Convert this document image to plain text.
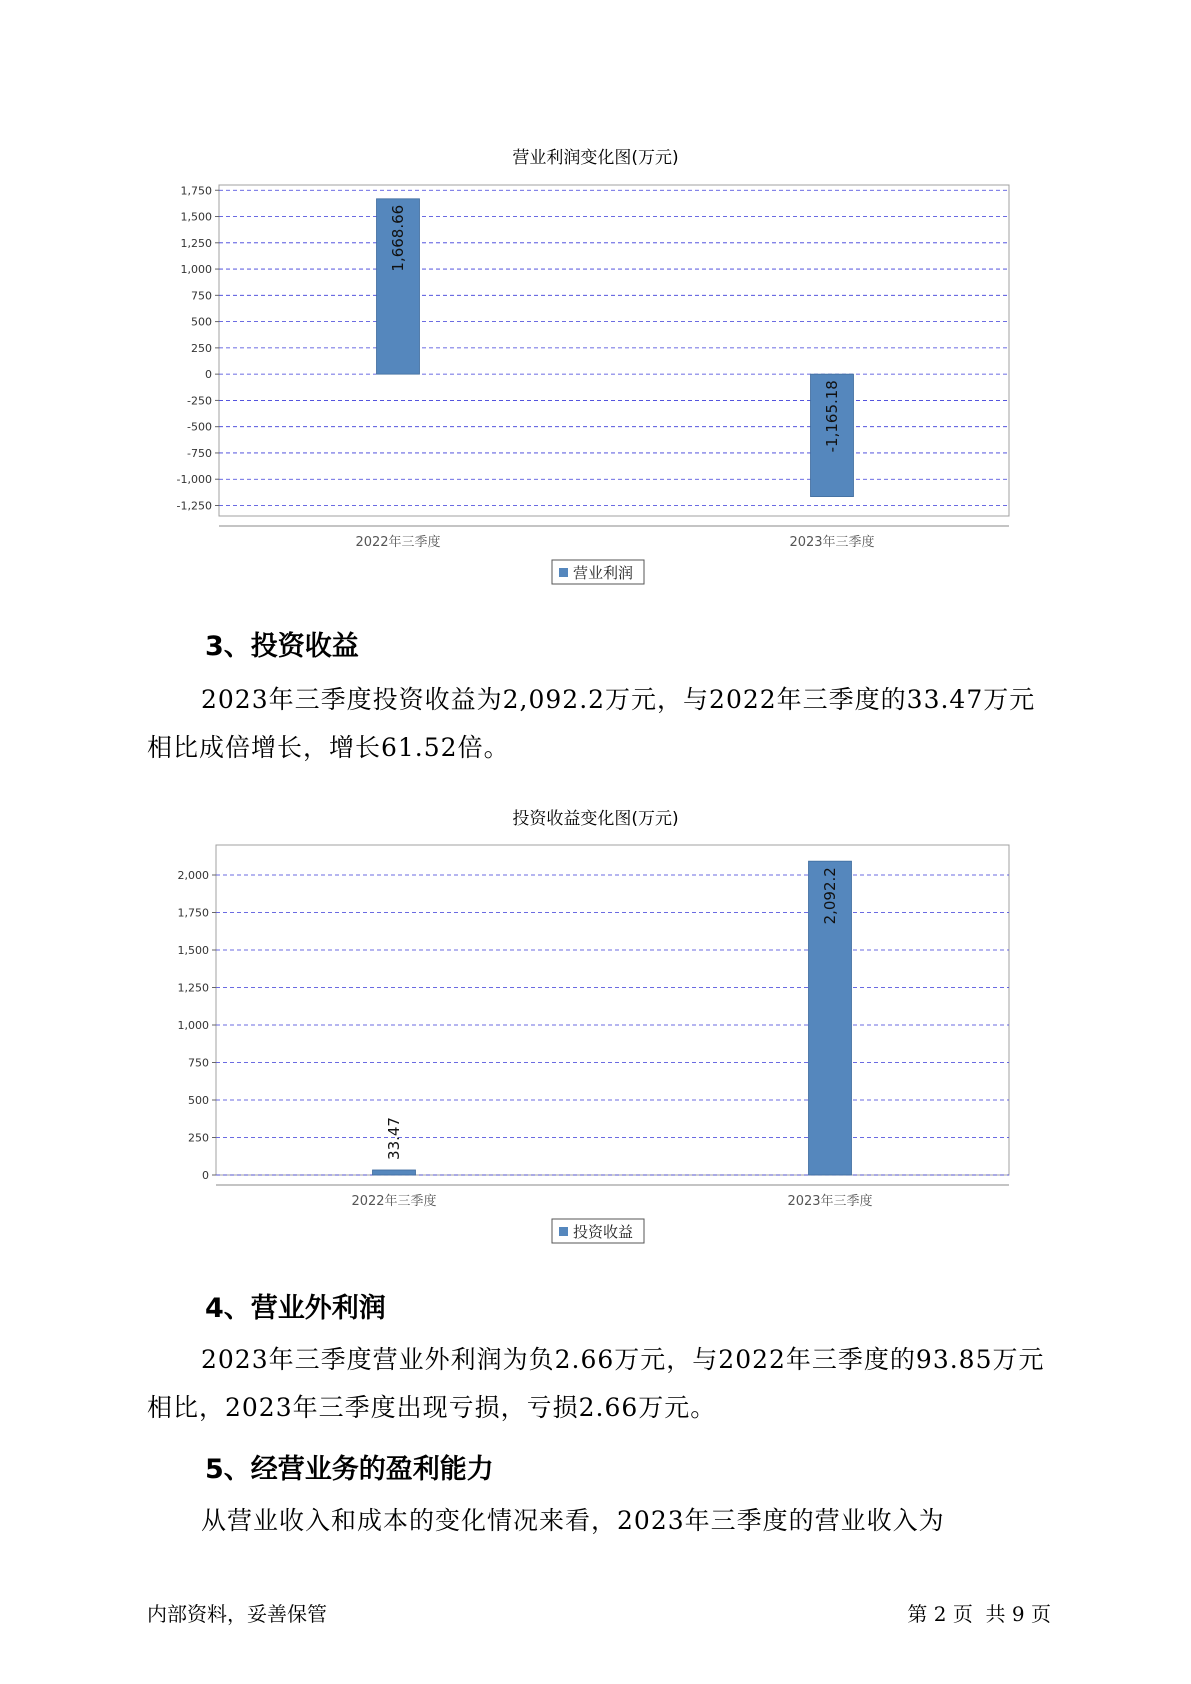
营业利润变化图(万元)
1,750
1,500
1,250
1,000
750
500
250
0
-250
-500
-750
-1,000
-1,250
1,668.66
2022年三季度
-1,165.18
2023年三季度
营业利润
3、投资收益

2023年三季度投资收益为2,092.2万元，与2022年三季度的33.47万元
相比成倍增长，增长61.52倍。

投资收益变化图(万元)
2,000
1,750
1,500
1,250
1,000
750
500
250
0
33.47
2022年三季度
2,092.2
2023年三季度
投资收益
4、营业外利润

2023年三季度营业外利润为负2.66万元，与2022年三季度的93.85万元
相比，2023年三季度出现亏损，亏损2.66万元。

5、经营业务的盈利能力

从营业收入和成本的变化情况来看，2023年三季度的营业收入为

内部资料，妥善保管	第 2 页  共 9 页
